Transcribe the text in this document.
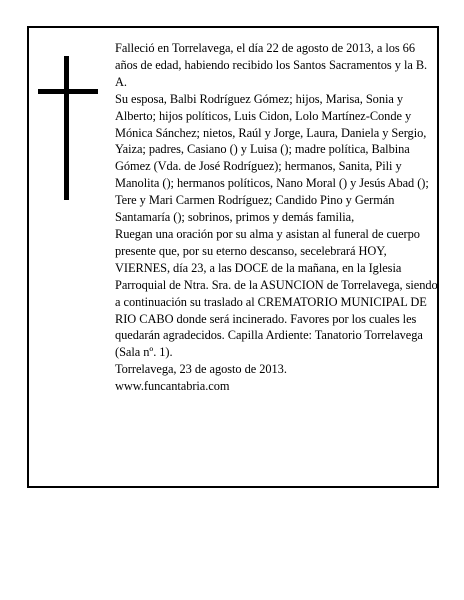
Falleció en Torrelavega, el día 22 de agosto de 2013, a los 66 años de edad, habiendo recibido los Santos Sacramentos y la B. A.

Su esposa, Balbi Rodríguez Gómez; hijos, Marisa, Sonia y Alberto; hijos políticos, Luis Cidon, Lolo Martínez-Conde y Mónica Sánchez; nietos, Raúl y Jorge, Laura, Daniela y Sergio, Yaiza; padres, Casiano () y Luisa (); madre política, Balbina Gómez (Vda. de José Rodríguez); hermanos, Sanita, Pili y Manolita (); hermanos políticos, Nano Moral () y Jesús Abad (); Tere y Mari Carmen Rodríguez; Candido Pino y Germán Santamaría (); sobrinos, primos y demás familia,

Ruegan una oración por su alma y asistan al funeral de cuerpo presente que, por su eterno descanso, secelebrará HOY, VIERNES, día 23, a las DOCE de la mañana, en la Iglesia Parroquial de Ntra. Sra. de la ASUNCION de Torrelavega, siendo a continuación su traslado al CREMATORIO MUNICIPAL DE RIO CABO donde será incinerado. Favores por los cuales les quedarán agradecidos. Capilla Ardiente: Tanatorio Torrelavega (Sala nº. 1).

Torrelavega, 23 de agosto de 2013.

www.funcantabria.com
